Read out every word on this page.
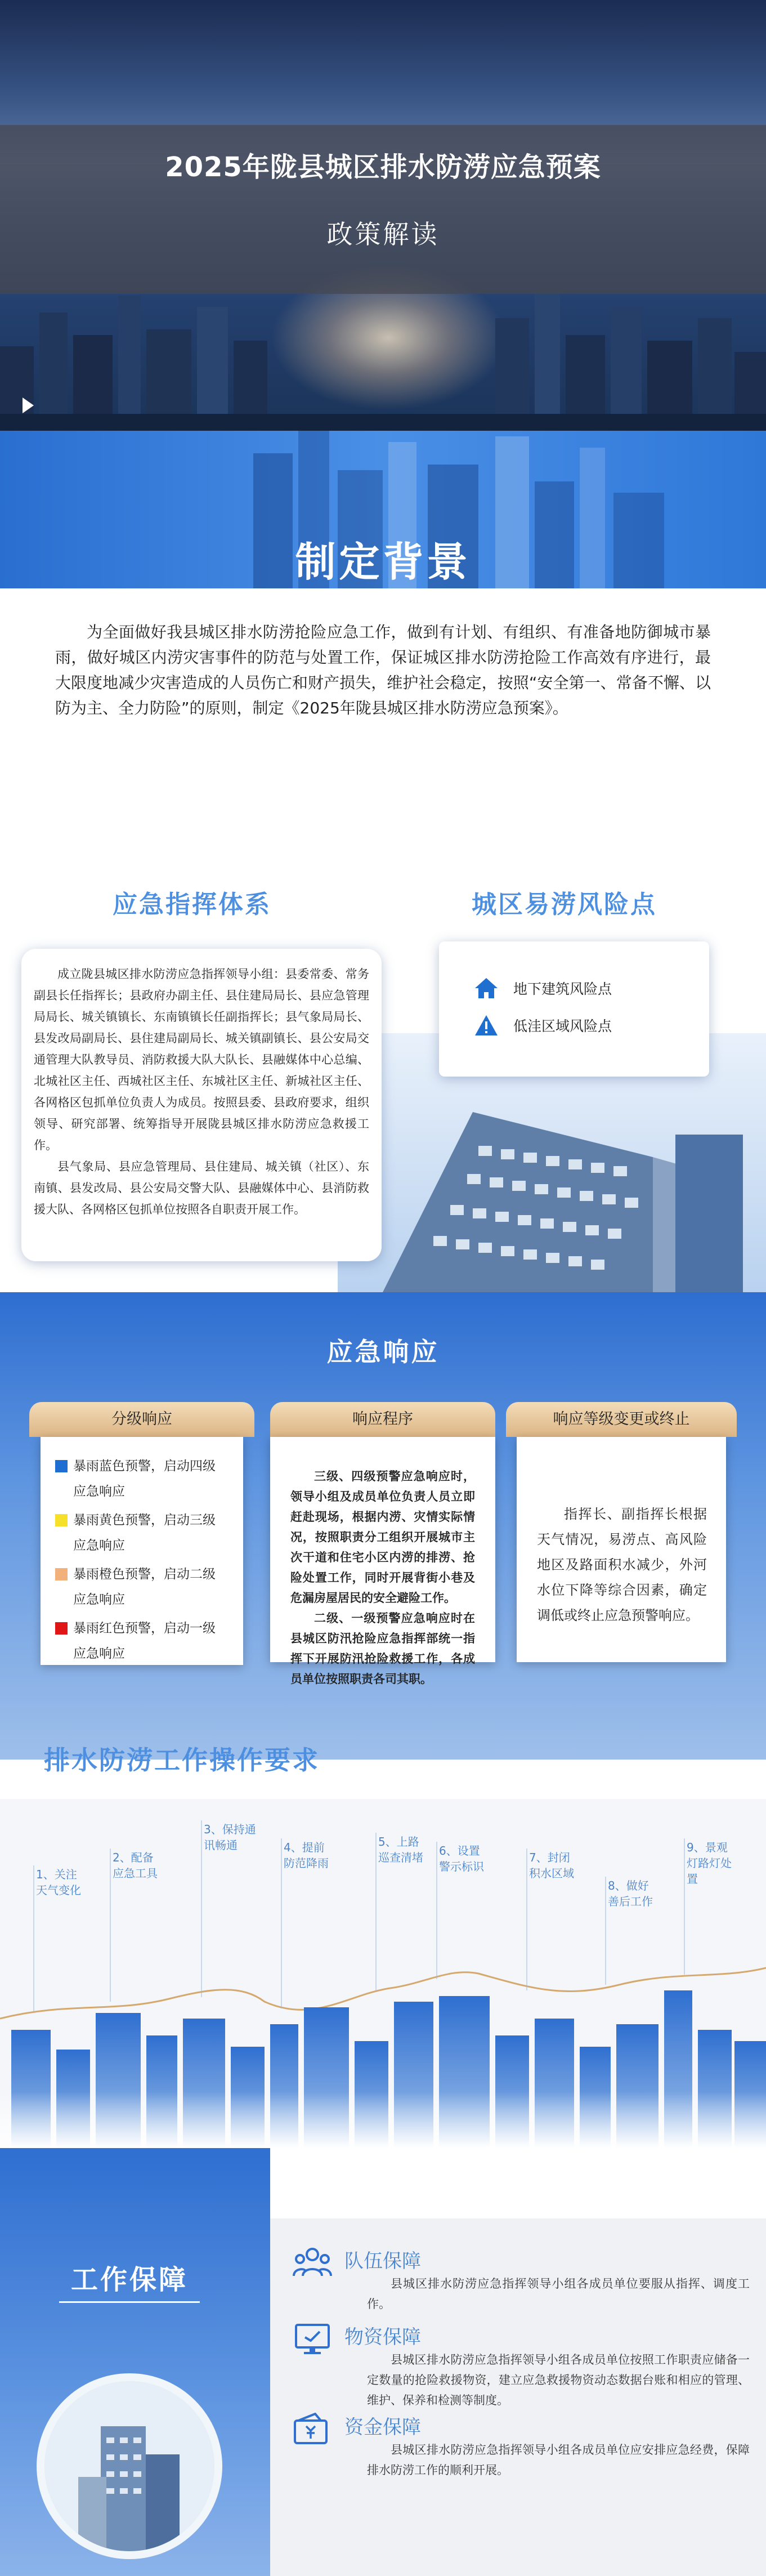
2025年陇县城区排水防涝应急预案
政策解读
制定背景

为全面做好我县城区排水防涝抢险应急工作，做到有计划、有组织、有准备地防御城市暴雨，做好城区内涝灾害事件的防范与处置工作，保证城区排水防涝抢险工作高效有序进行，最大限度地减少灾害造成的人员伤亡和财产损失，维护社会稳定，按照“安全第一、常备不懈、以防为主、全力防险”的原则，制定《2025年陇县城区排水防涝应急预案》。

应急指挥体系	城区易涝风险点

成立陇县城区排水防涝应急指挥领导小组：县委常委、常务副县长任指挥长；县政府办副主任、县住建局局长、县应急管理局局长、城关镇镇长、东南镇镇长任副指挥长；县气象局局长、县发改局副局长、县住建局副局长、城关镇副镇长、县公安局交通管理大队教导员、消防救援大队大队长、县融媒体中心总编、北城社区主任、西城社区主任、东城社区主任、新城社区主任、各网格区包抓单位负责人为成员。按照县委、县政府要求，组织领导、研究部署、统筹指导开展陇县城区排水防涝应急救援工作。

县气象局、县应急管理局、县住建局、城关镇（社区）、东南镇、县发改局、县公安局交警大队、县融媒体中心、县消防救援大队、各网格区包抓单位按照各自职责开展工作。

地下建筑风险点
低洼区域风险点
应急响应
分级响应	响应程序	响应等级变更或终止
暴雨蓝色预警，启动四级应急响应
暴雨黄色预警，启动三级应急响应
暴雨橙色预警，启动二级应急响应
暴雨红色预警，启动一级应急响应

三级、四级预警应急响应时，领导小组及成员单位负责人员立即赶赴现场，根据内涝、灾情实际情况，按照职责分工组织开展城市主次干道和住宅小区内涝的排涝、抢险处置工作，同时开展背街小巷及危漏房屋居民的安全避险工作。

二级、一级预警应急响应时在县城区防汛抢险应急指挥部统一指挥下开展防汛抢险救援工作，各成员单位按照职责各司其职。

指挥长、副指挥长根据天气情况，易涝点、高风险地区及路面积水减少，外河水位下降等综合因素，确定调低或终止应急预警响应。

排水防涝工作操作要求
1、关注天气变化
2、配备应急工具
3、保持通讯畅通	4、提前防范降雨
5、上路巡查清堵	6、设置警示标识
7、封闭积水区域
8、做好善后工作
9、景观灯路灯处置
工作保障
队伍保障

县城区排水防涝应急指挥领导小组各成员单位要服从指挥、调度工作。

物资保障

县城区排水防涝应急指挥领导小组各成员单位按照工作职责应储备一定数量的抢险救援物资，建立应急救援物资动态数据台账和相应的管理、维护、保养和检测等制度。

资金保障

县城区排水防涝应急指挥领导小组各成员单位应安排应急经费，保障排水防涝工作的顺利开展。
